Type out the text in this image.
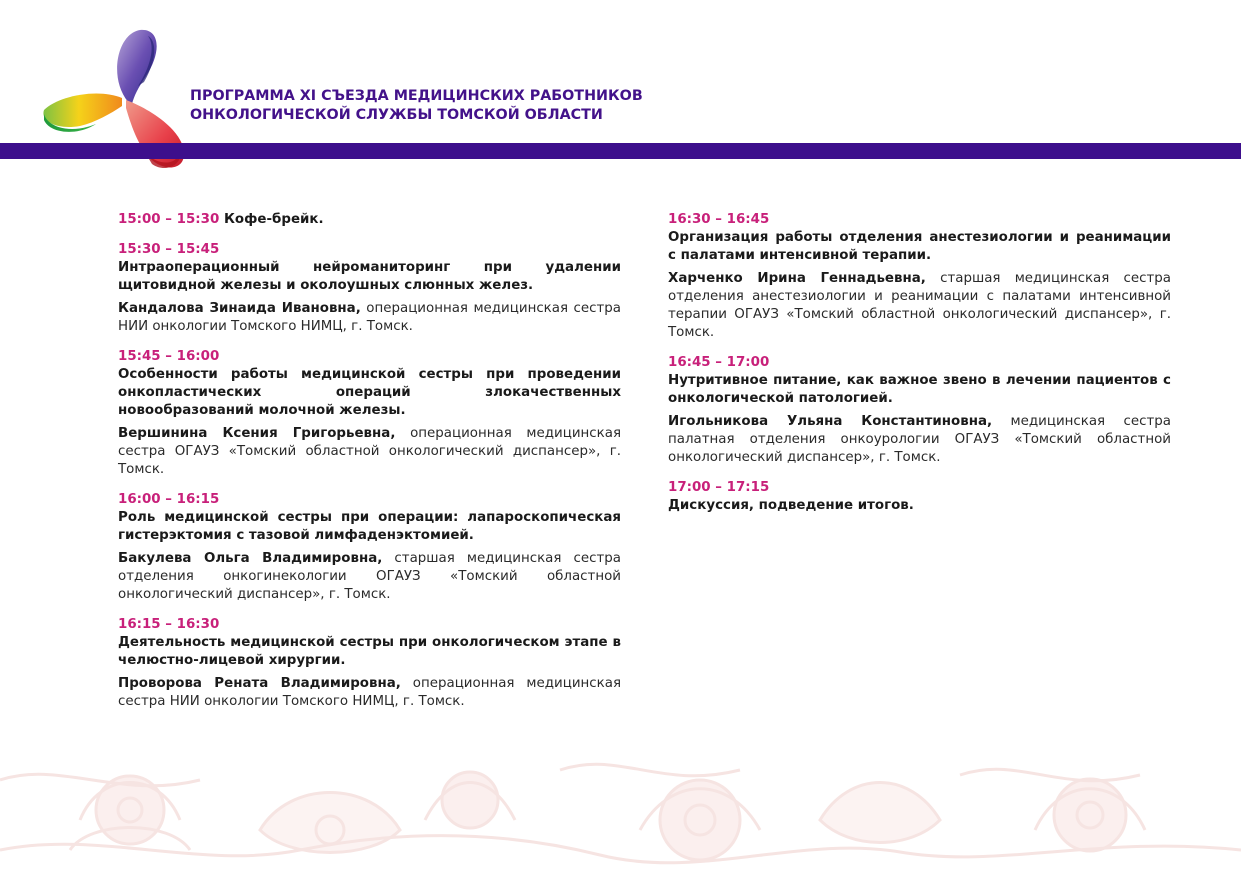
ПРОГРАММА XI СЪЕЗДА МЕДИЦИНСКИХ РАБОТНИКОВ
ОНКОЛОГИЧЕСКОЙ СЛУЖБЫ ТОМСКОЙ ОБЛАСТИ
15:00 – 15:30 Кофе-брейк.
15:30 – 15:45
Интраоперационный нейроманиторинг при удалении щитовидной железы и околоушных слюнных желез.
Кандалова Зинаида Ивановна, операционная медицинская сестра НИИ онкологии Томского НИМЦ, г. Томск.
15:45 – 16:00
Особенности работы медицинской сестры при проведении онкопластических операций злокачественных новообразований молочной железы.
Вершинина Ксения Григорьевна, операционная медицинская сестра ОГАУЗ «Томский областной онкологический диспансер», г. Томск.
16:00 – 16:15
Роль медицинской сестры при операции: лапароскопическая гистерэктомия с тазовой лимфаденэктомией.
Бакулева Ольга Владимировна, старшая медицинская сестра отделения онкогинекологии ОГАУЗ «Томский областной онкологический диспансер», г. Томск.
16:15 – 16:30
Деятельность медицинской сестры при онкологическом этапе в челюстно-лицевой хирургии.
Проворова Рената Владимировна, операционная медицинская сестра НИИ онкологии Томского НИМЦ, г. Томск.
16:30 – 16:45
Организация работы отделения анестезиологии и реанимации с палатами интенсивной терапии.
Харченко Ирина Геннадьевна, старшая медицинская сестра отделения анестезиологии и реанимации с палатами интенсивной терапии ОГАУЗ «Томский областной онкологический диспансер», г. Томск.
16:45 – 17:00
Нутритивное питание, как важное звено в лечении пациентов с онкологической патологией.
Игольникова Ульяна Константиновна, медицинская сестра палатная отделения онкоурологии ОГАУЗ «Томский областной онкологический диспансер», г. Томск.
17:00 – 17:15
Дискуссия, подведение итогов.
